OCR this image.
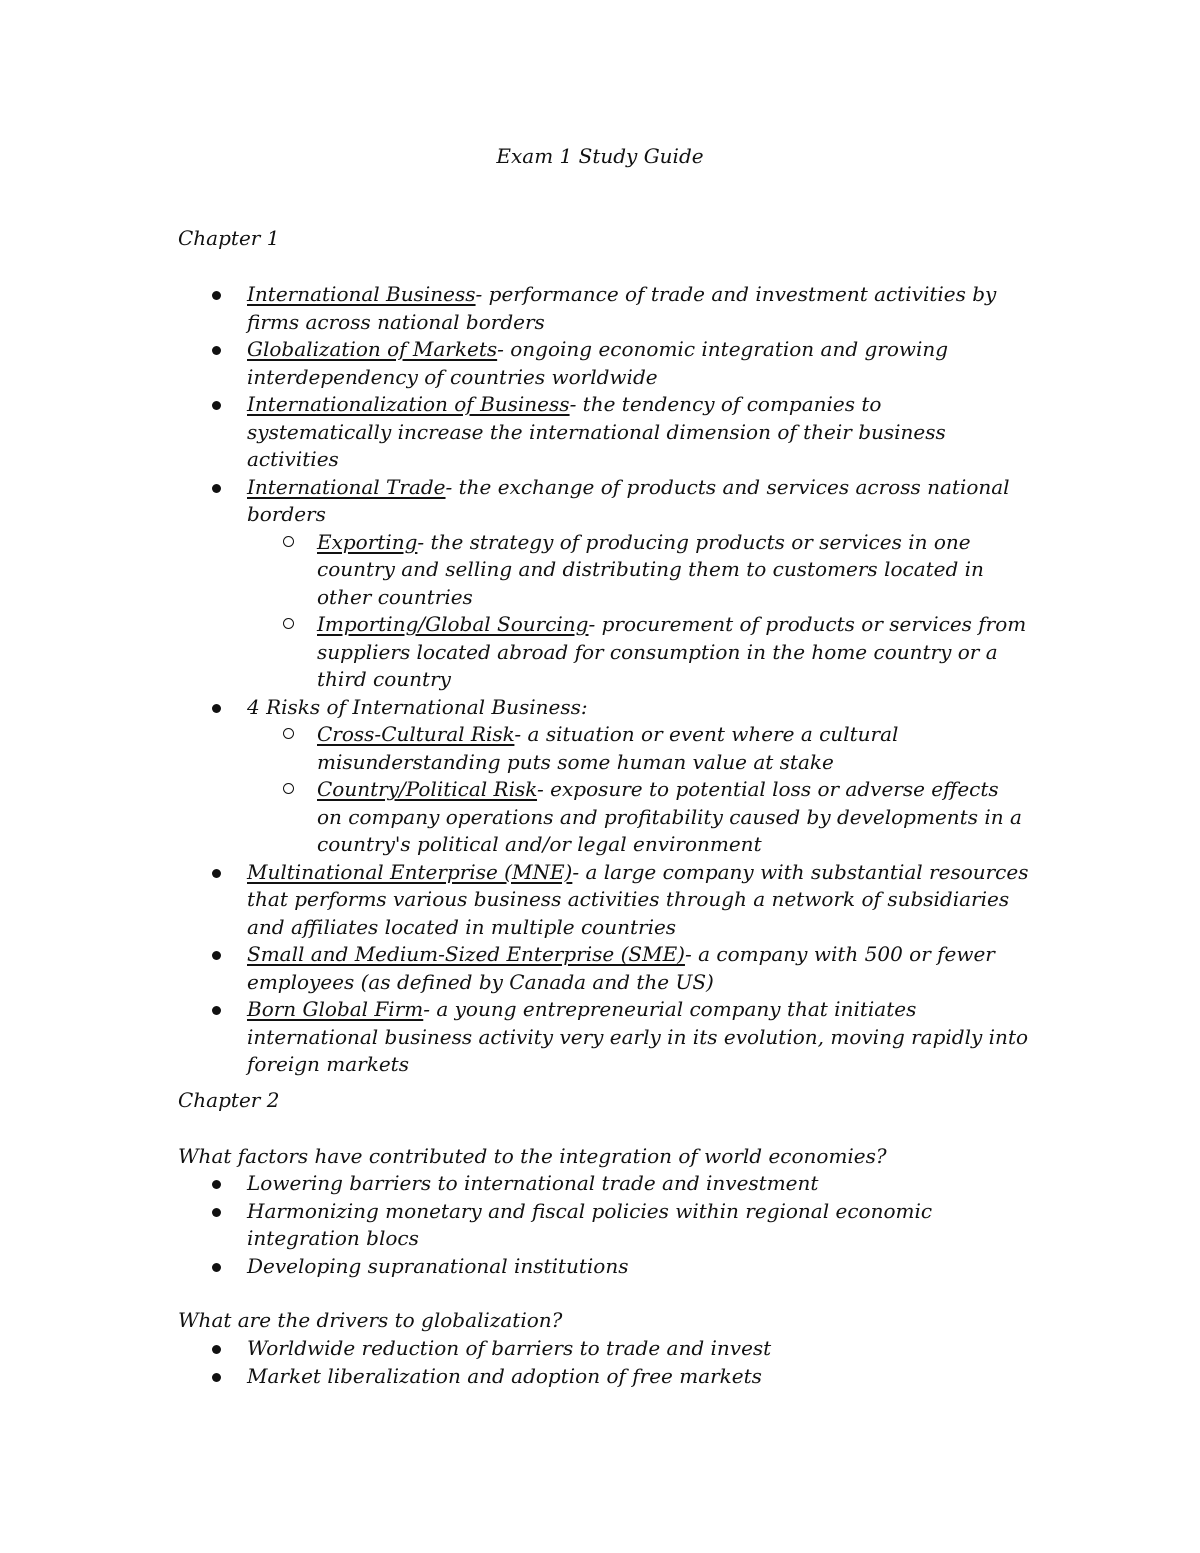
Exam 1 Study Guide
Chapter 1
International Business- performance of trade and investment activities by firms across national borders
Globalization of Markets- ongoing economic integration and growing interdependency of countries worldwide
Internationalization of Business- the tendency of companies to systematically increase the international dimension of their business activities
International Trade- the exchange of products and services across national borders
Exporting- the strategy of producing products or services in one country and selling and distributing them to customers located in other countries
Importing/Global Sourcing- procurement of products or services from suppliers located abroad for consumption in the home country or a third country
4 Risks of International Business:
Cross-Cultural Risk- a situation or event where a cultural misunderstanding puts some human value at stake
Country/Political Risk- exposure to potential loss or adverse effects on company operations and profitability caused by developments in a country's political and/or legal environment
Multinational Enterprise (MNE)- a large company with substantial resources that performs various business activities through a network of subsidiaries and affiliates located in multiple countries
Small and Medium-Sized Enterprise (SME)- a company with 500 or fewer employees (as defined by Canada and the US)
Born Global Firm- a young entrepreneurial company that initiates international business activity very early in its evolution, moving rapidly into foreign markets
Chapter 2

What factors have contributed to the integration of world economies?

Lowering barriers to international trade and investment
Harmonizing monetary and fiscal policies within regional economic integration blocs
Developing supranational institutions

What are the drivers to globalization?

Worldwide reduction of barriers to trade and invest
Market liberalization and adoption of free markets
